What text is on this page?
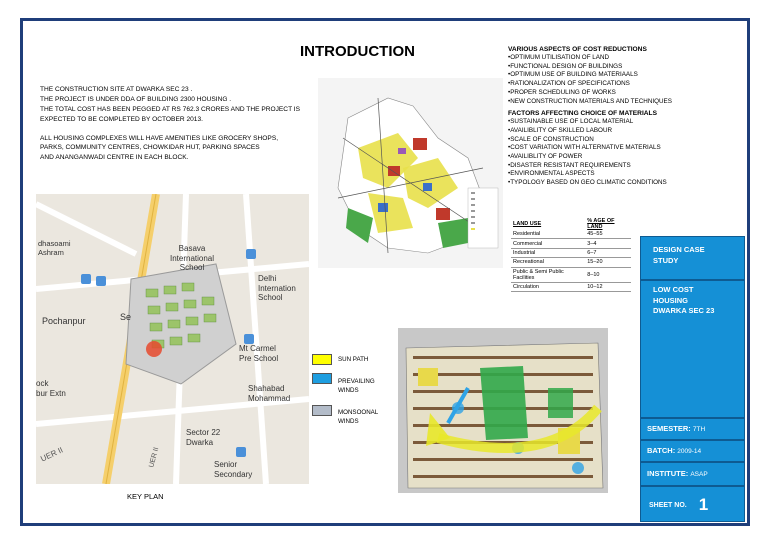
INTRODUCTION

THE CONSTRUCTION SITE AT DWARKA SEC 23 .

THE PROJECT IS UNDER DDA OF BUILDING 2300 HOUSING .

THE TOTAL COST HAS BEEN PEGGED AT RS 762.3 CRORES AND THE PROJECT IS

EXPECTED TO BE COMPLETED BY OCTOBER 2013.

ALL HOUSING COMPLEXES WILL HAVE AMENITIES LIKE GROCERY SHOPS,

PARKS, COMMUNITY CENTRES, CHOWKIDAR HUT, PARKING SPACES

AND ANANGANWADI CENTRE IN EACH BLOCK.

VARIOUS ASPECTS OF COST REDUCTIONS
•OPTIMUM UTILISATION OF LAND
•FUNCTIONAL DESIGN OF BUILDINGS
•OPTIMUM USE OF BUILDING MATERIAALS
•RATIONALIZATION OF SPECIFICATIONS
•PROPER SCHEDULING OF WORKS
•NEW CONSTRUCTION MATERIALS AND TECHNIQUES
FACTORS AFFECTING CHOICE OF MATERIALS
•SUSTAINABLE USE OF LOCAL MATERIAL
•AVAILIBLITY OF SKILLED LABOUR
•SCALE OF CONSTRUCTION
•COST VARIATION WITH ALTERNATIVE MATERIALS
•AVAILIBLITY OF POWER
•DISASTER RESISTANT REQUIREMENTS
•ENVIRONMENTAL ASPECTS
•TYPOLOGY BASED ON GEO CLIMATIC CONDITIONS
LAND USE	% AGE OF LAND
Residential	45–55
Commercial	3–4
Industrial	6–7
Recreational	15–20
Public & Semi Public Facilities	8–10
Circulation	10–12
dhasoami
Ashram
Pochanpur
Basava
International
School
Delhi
Internation
School
Mt Carmel
Pre School
Shahabad
Mohammad
Sector 22
Dwarka
Senior
Secondary
UER II	UER II
bur Extn
ock
Se
KEY PLAN
SUN PATH
PREVAILING
WINDS
MONSOONAL
WINDS
DESIGN CASE
STUDY
LOW COST
HOUSING
DWARKA SEC 23
SEMESTER: 7TH
BATCH: 2009-14
INSTITUTE: ASAP
SHEET NO. 1
